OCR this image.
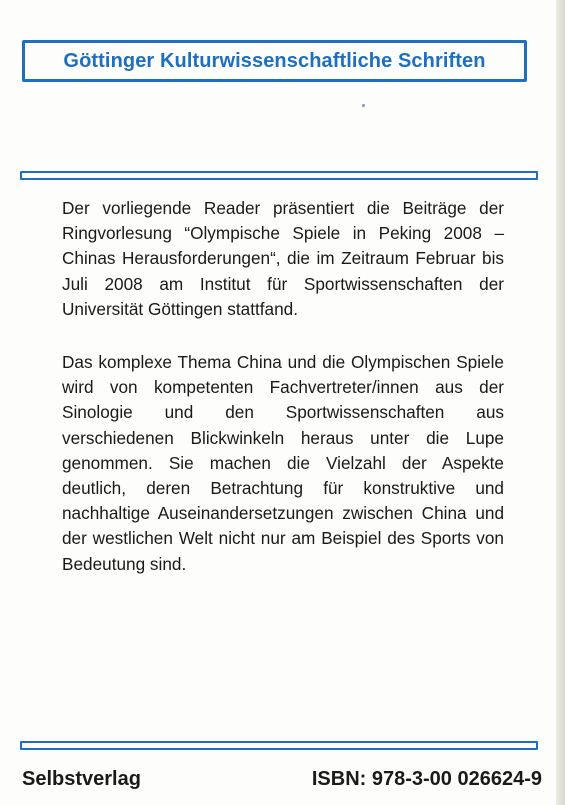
Göttinger Kulturwissenschaftliche Schriften

Der vorliegende Reader präsentiert die Beiträge der Ringvorlesung “Olympische Spiele in Peking 2008 – Chinas Herausforderungen“, die im Zeitraum Februar bis Juli 2008 am Institut für Sportwissenschaften der Universität Göttingen stattfand.

Das komplexe Thema China und die Olympischen Spiele wird von kompetenten Fachvertreter/innen aus der Sinologie und den Sportwissenschaften aus verschiedenen Blickwinkeln heraus unter die Lupe genommen. Sie machen die Vielzahl der Aspekte deutlich, deren Betrachtung für konstruktive und nachhaltige Auseinandersetzungen zwischen China und der westlichen Welt nicht nur am Beispiel des Sports von Bedeutung sind.

Selbstverlag	ISBN: 978-3-00 026624-9
